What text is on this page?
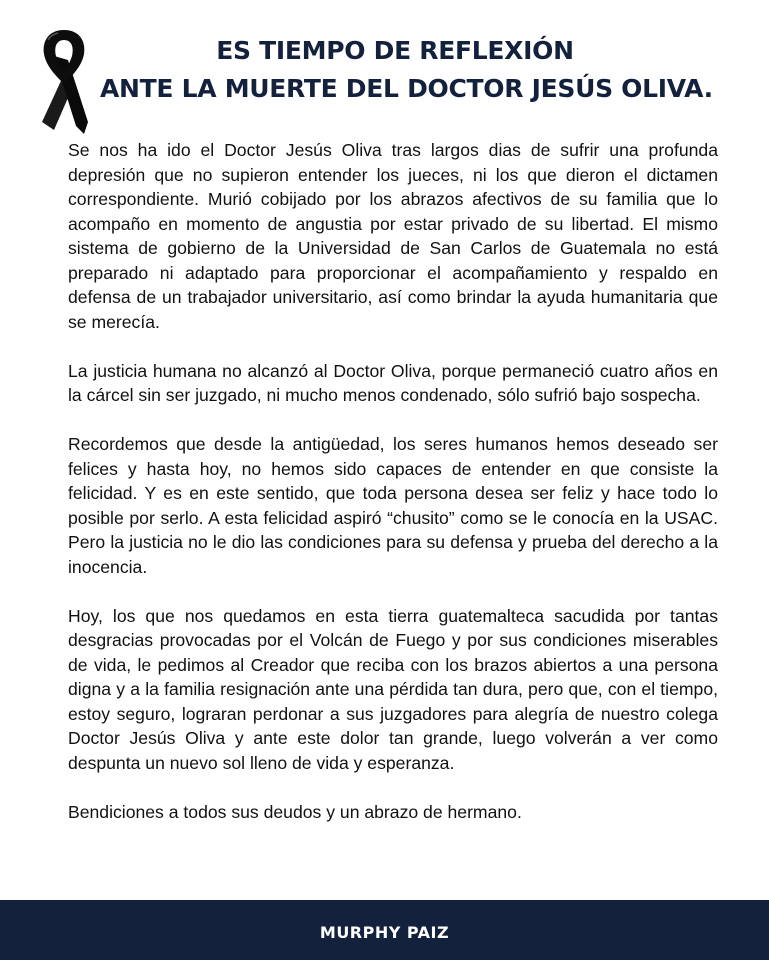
ES TIEMPO DE REFLEXIÓN
ANTE LA MUERTE DEL DOCTOR JESÚS OLIVA.

Se nos ha ido el Doctor Jesús Oliva tras largos dias de sufrir una profunda depresión que no supieron entender los jueces, ni los que dieron el dictamen correspondiente. Murió cobijado por los abrazos afectivos de su familia que lo acompaño en momento de angustia por estar privado de su libertad. El mismo sistema de gobierno de la Universidad de San Carlos de Guatemala no está preparado ni adaptado para proporcionar el acompañamiento y respaldo en defensa de un trabajador universitario, así como brindar la ayuda humanitaria que se merecía.

La justicia humana no alcanzó al Doctor Oliva, porque permaneció cuatro años en la cárcel sin ser juzgado, ni mucho menos condenado, sólo sufrió bajo sospecha.

Recordemos que desde la antigüedad, los seres humanos hemos deseado ser felices y hasta hoy, no hemos sido capaces de entender en que consiste la felicidad. Y es en este sentido, que toda persona desea ser feliz y hace todo lo posible por serlo. A esta felicidad aspiró “chusito” como se le conocía en la USAC. Pero la justicia no le dio las condiciones para su defensa y prueba del derecho a la inocencia.

Hoy, los que nos quedamos en esta tierra guatemalteca sacudida por tantas desgracias provocadas por el Volcán de Fuego y por sus condiciones miserables de vida, le pedimos al Creador que reciba con los brazos abiertos a una persona digna y a la familia resignación ante una pérdida tan dura, pero que, con el tiempo, estoy seguro, lograran perdonar a sus juzgadores para alegría de nuestro colega Doctor Jesús Oliva y ante este dolor tan grande, luego volverán a ver como despunta un nuevo sol lleno de vida y esperanza.

Bendiciones a todos sus deudos y un abrazo de hermano.

MURPHY PAIZ
